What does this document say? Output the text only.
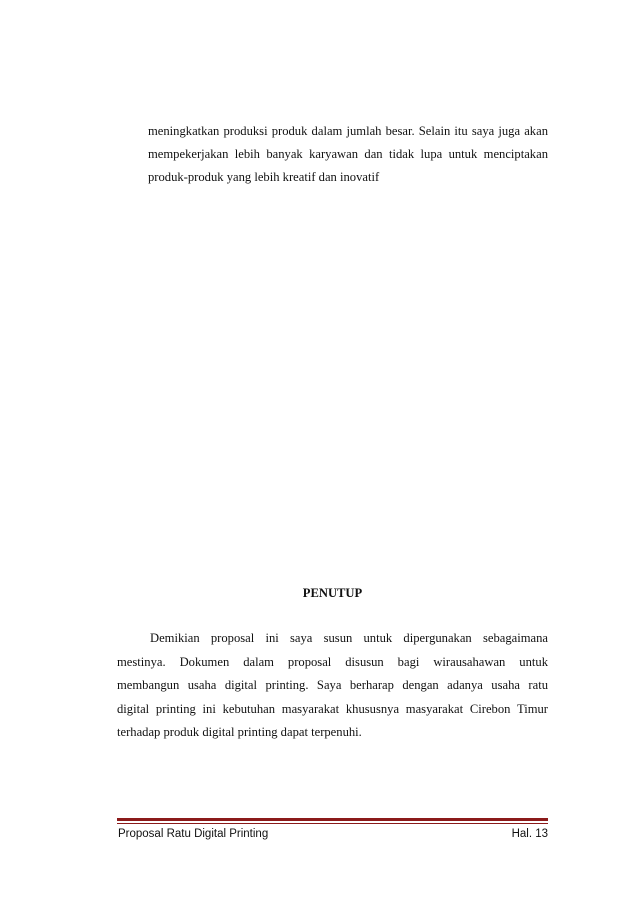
meningkatkan produksi produk dalam jumlah besar. Selain itu saya juga akan
mempekerjakan lebih banyak karyawan dan tidak lupa untuk menciptakan
produk-produk yang lebih kreatif dan inovatif
PENUTUP
Demikian proposal ini saya susun untuk dipergunakan sebagaimana
mestinya. Dokumen dalam proposal disusun bagi wirausahawan untuk
membangun usaha digital printing. Saya berharap dengan adanya usaha ratu
digital printing ini kebutuhan masyarakat khususnya masyarakat Cirebon Timur
terhadap produk digital printing dapat terpenuhi.
Proposal Ratu Digital Printing	Hal. 13
